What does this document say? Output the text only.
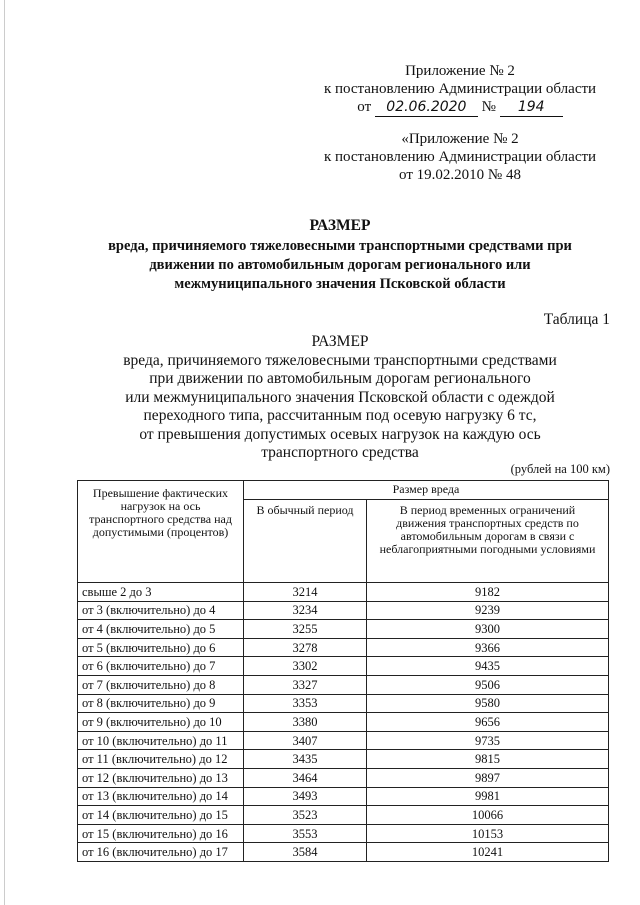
Приложение № 2
к постановлению Администрации области
от 02.06.2020 № 194
«Приложение № 2
к постановлению Администрации области
от 19.02.2010 № 48
РАЗМЕР
вреда, причиняемого тяжеловесными транспортными средствами при
движении по автомобильным дорогам регионального или
межмуниципального значения Псковской области
Таблица 1
РАЗМЕР
вреда, причиняемого тяжеловесными транспортными средствами
при движении по автомобильным дорогам регионального
или межмуниципального значения Псковской области с одеждой
переходного типа, рассчитанным под осевую нагрузку 6 тс,
от превышения допустимых осевых нагрузок на каждую ось
транспортного средства
(рублей на 100 км)
Превышение фактических нагрузок на ось транспортного средства над допустимыми (процентов)	Размер вреда	
	В обычный период	В период временных ограничений движения транспортных средств по автомобильным дорогам в связи с неблагоприятными погодными условиями
свыше 2 до 3	3214	9182
от 3 (включительно) до 4	3234	9239
от 4 (включительно) до 5	3255	9300
от 5 (включительно) до 6	3278	9366
от 6 (включительно) до 7	3302	9435
от 7 (включительно) до 8	3327	9506
от 8 (включительно) до 9	3353	9580
от 9 (включительно) до 10	3380	9656
от 10 (включительно) до 11	3407	9735
от 11 (включительно) до 12	3435	9815
от 12 (включительно) до 13	3464	9897
от 13 (включительно) до 14	3493	9981
от 14 (включительно) до 15	3523	10066
от 15 (включительно) до 16	3553	10153
от 16 (включительно) до 17	3584	10241
